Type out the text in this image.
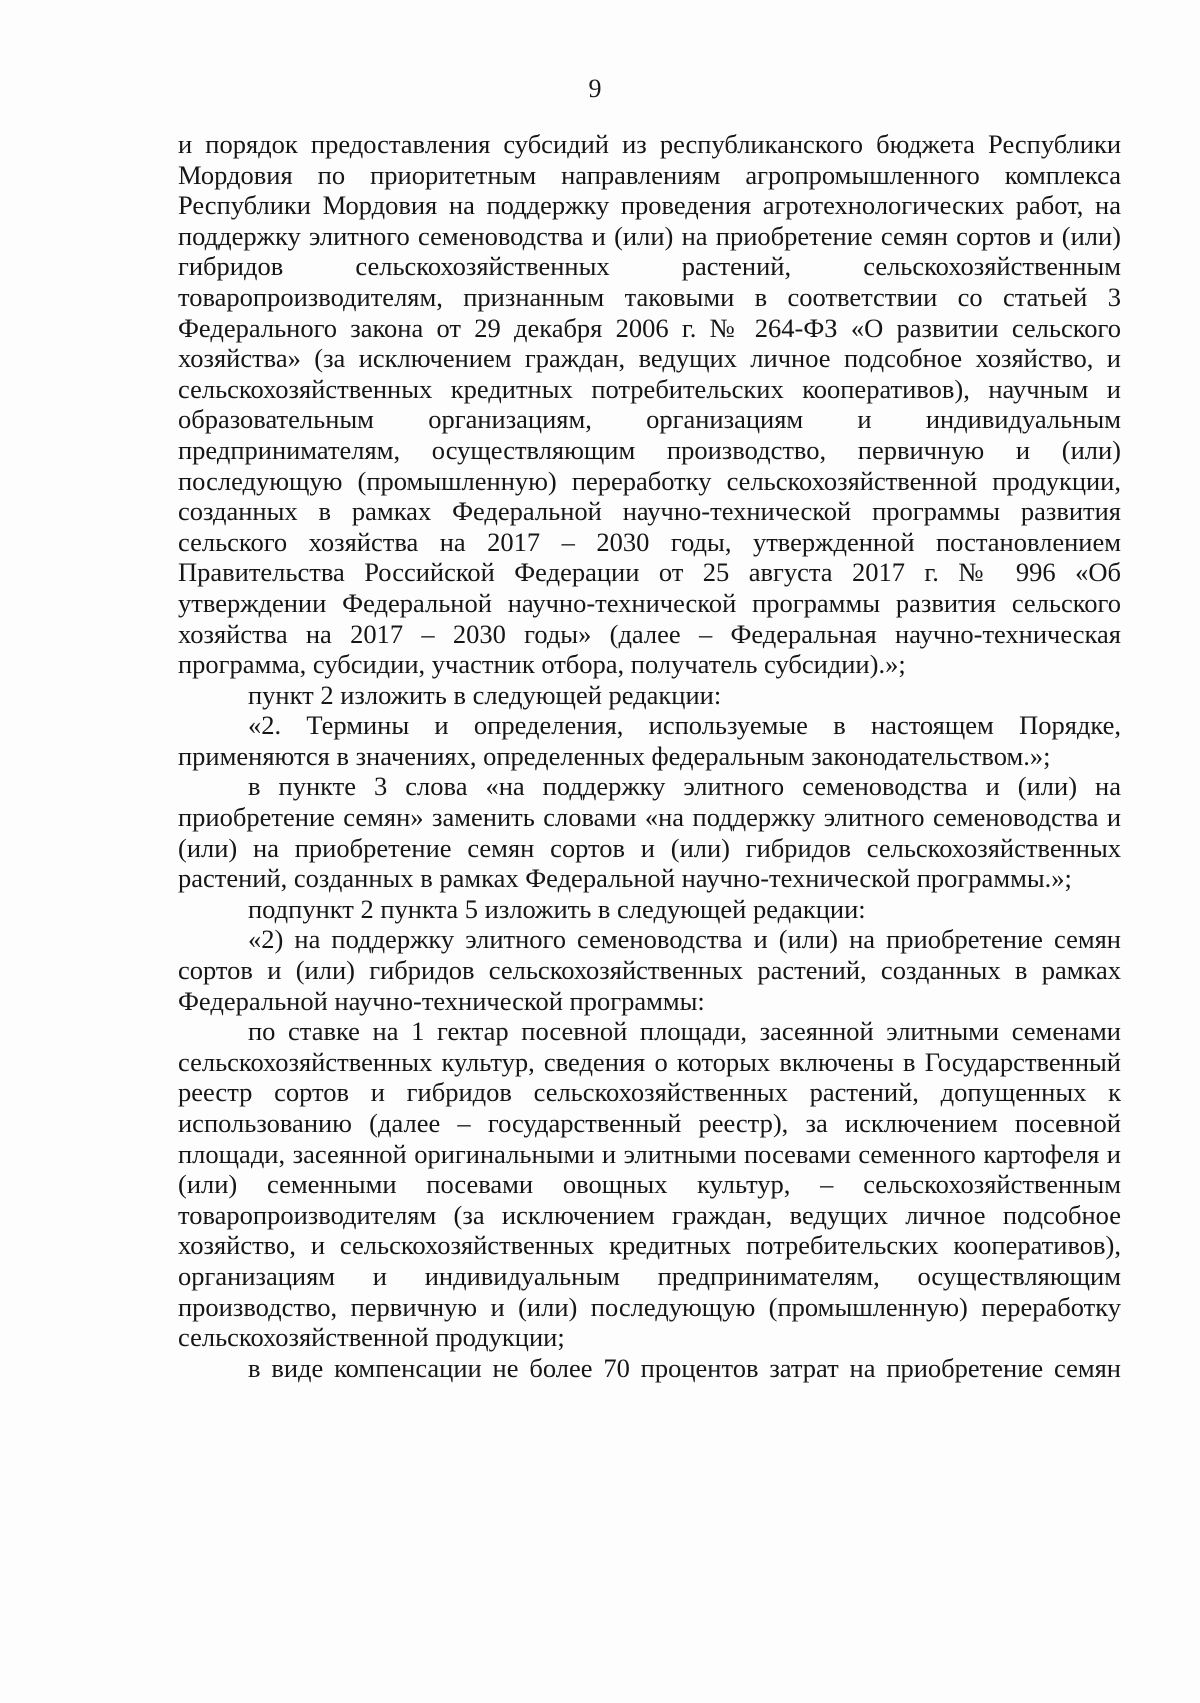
9

и порядок предоставления субсидий из республиканского бюджета Республики Мордовия по приоритетным направлениям агропромышленного комплекса Республики Мордовия на поддержку проведения агротехнологических работ, на поддержку элитного семеноводства и (или) на приобретение семян сортов и (или) гибридов сельскохозяйственных растений, сельскохозяйственным товаропроизводителям, признанным таковыми в соответствии со статьей 3 Федерального закона от 29 декабря 2006 г. № 264-ФЗ «О развитии сельского хозяйства» (за исключением граждан, ведущих личное подсобное хозяйство, и сельскохозяйственных кредитных потребительских кооперативов), научным и образовательным организациям, организациям и индивидуальным предпринимателям, осуществляющим производство, первичную и (или) последующую (промышленную) переработку сельскохозяйственной продукции, созданных в рамках Федеральной научно-технической программы развития сельского хозяйства на 2017 – 2030 годы, утвержденной постановлением Правительства Российской Федерации от 25 августа 2017 г. № 996 «Об утверждении Федеральной научно-технической программы развития сельского хозяйства на 2017 – 2030 годы» (далее – Федеральная научно-техническая программа, субсидии, участник отбора, получатель субсидии).»;

пункт 2 изложить в следующей редакции:

«2. Термины и определения, используемые в настоящем Порядке, применяются в значениях, определенных федеральным законодательством.»;

в пункте 3 слова «на поддержку элитного семеноводства и (или) на приобретение семян» заменить словами «на поддержку элитного семеноводства и (или) на приобретение семян сортов и (или) гибридов сельскохозяйственных растений, созданных в рамках Федеральной научно-технической программы.»;

подпункт 2 пункта 5 изложить в следующей редакции:

«2) на поддержку элитного семеноводства и (или) на приобретение семян сортов и (или) гибридов сельскохозяйственных растений, созданных в рамках Федеральной научно-технической программы:

по ставке на 1 гектар посевной площади, засеянной элитными семенами сельскохозяйственных культур, сведения о которых включены в Государственный реестр сортов и гибридов сельскохозяйственных растений, допущенных к использованию (далее – государственный реестр), за исключением посевной площади, засеянной оригинальными и элитными посевами семенного картофеля и (или) семенными посевами овощных культур, – сельскохозяйственным товаропроизводителям (за исключением граждан, ведущих личное подсобное хозяйство, и сельскохозяйственных кредитных потребительских кооперативов), организациям и индивидуальным предпринимателям, осуществляющим производство, первичную и (или) последующую (промышленную) переработку сельскохозяйственной продукции;

в виде компенсации не более 70 процентов затрат на приобретение семян
